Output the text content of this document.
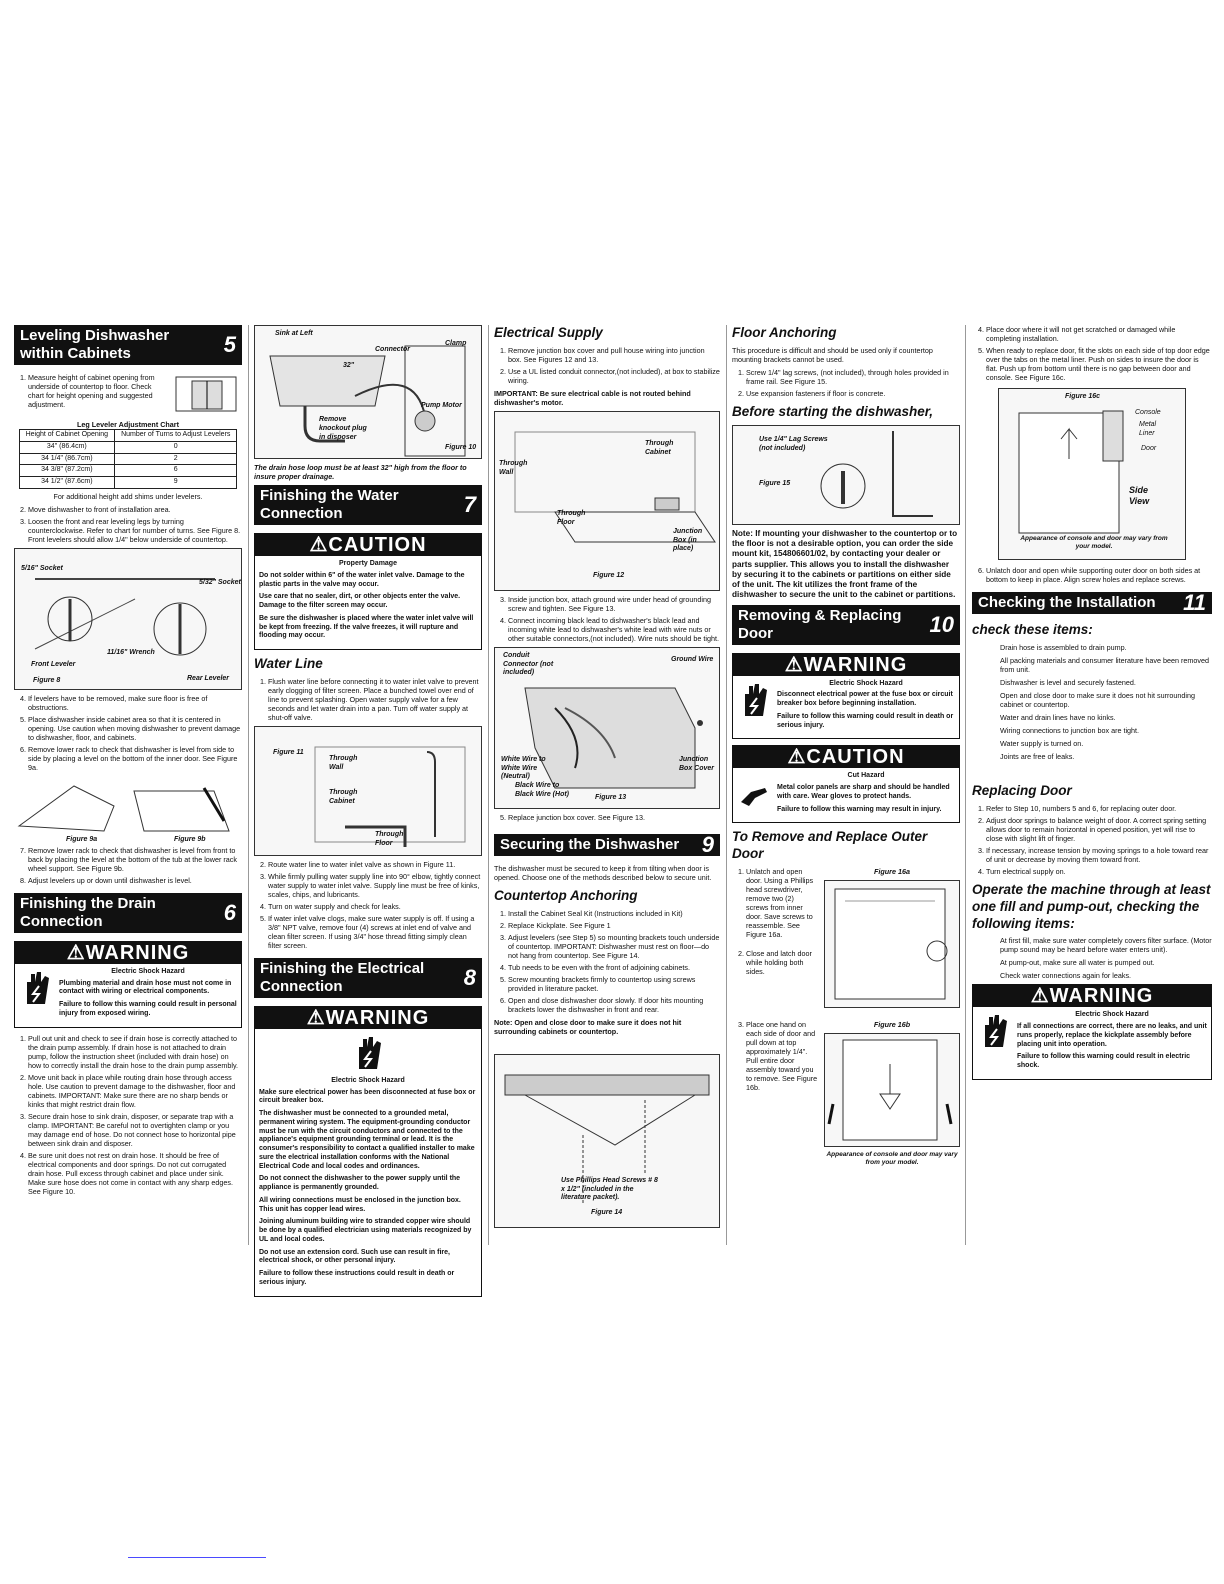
Leveling Dishwasher within Cabinets	5
1. Measure height of cabinet opening from underside of countertop to floor. Check chart for height opening and suggested adjustment.
Leg Leveler Adjustment Chart
Height of Cabinet Opening	Number of Turns to Adjust Levelers
34" (86.4cm)	0
34 1/4" (86.7cm)	2
34 3/8" (87.2cm)	6
34 1/2" (87.6cm)	9

For additional height add shims under levelers.

2. Move dishwasher to front of installation area.
3. Loosen the front and rear leveling legs by turning counterclockwise. Refer to chart for number of turns. See Figure 8. Front levelers should allow 1/4" below underside of countertop.
5/16" Socket
5/32" Socket
11/16" Wrench
Front Leveler
Rear Leveler
Figure 8
4. If levelers have to be removed, make sure floor is free of obstructions.
5. Place dishwasher inside cabinet area so that it is centered in opening. Use caution when moving dishwasher to prevent damage to dishwasher, floor, and cabinets.
6. Remove lower rack to check that dishwasher is level from side to side by placing a level on the bottom of the inner door. See Figure 9a.
Figure 9a	Figure 9b
7. Remove lower rack to check that dishwasher is level from front to back by placing the level at the bottom of the tub at the lower rack wheel support. See Figure 9b.
8. Adjust levelers up or down until dishwasher is level.
Finishing the Drain Connection	6
⚠WARNING
Electric Shock Hazard

Plumbing material and drain hose must not come in contact with wiring or electrical components.

Failure to follow this warning could result in personal injury from exposed wiring.

1. Pull out unit and check to see if drain hose is correctly attached to the drain pump assembly. If drain hose is not attached to drain pump, follow the instruction sheet (included with drain hose) on how to correctly install the drain hose to the drain pump assembly.
2. Move unit back in place while routing drain hose through access hole. Use caution to prevent damage to the dishwasher, floor and cabinets. IMPORTANT: Make sure there are no sharp bends or kinks that might restrict drain flow.
3. Secure drain hose to sink drain, disposer, or separate trap with a clamp. IMPORTANT: Be careful not to overtighten clamp or you may damage end of hose. Do not connect hose to horizontal pipe between sink drain and disposer.
4. Be sure unit does not rest on drain hose. It should be free of electrical components and door springs. Do not cut corrugated drain hose. Pull excess through cabinet and place under sink. Make sure hose does not come in contact with any sharp edges. See Figure 10.
Sink at Left
Connector
Clamp
32"
Pump Motor
Remove knockout plug in disposer
Figure 10

The drain hose loop must be at least 32" high from the floor to insure proper drainage.

Finishing the Water Connection	7
⚠CAUTION
Property Damage

Do not solder within 6" of the water inlet valve. Damage to the plastic parts in the valve may occur.

Use care that no sealer, dirt, or other objects enter the valve. Damage to the filter screen may occur.

Be sure the dishwasher is placed where the water inlet valve will be kept from freezing. If the valve freezes, it will rupture and flooding may occur.

Water Line
1. Flush water line before connecting it to water inlet valve to prevent early clogging of filter screen. Place a bunched towel over end of line to prevent splashing. Open water supply valve for a few seconds and let water drain into a pan. Turn off water supply at shut-off valve.
Figure 11
Through Wall
Through Cabinet
Through Floor
2. Route water line to water inlet valve as shown in Figure 11.
3. While firmly pulling water supply line into 90° elbow, tightly connect water supply to water inlet valve. Supply line must be free of kinks, scales, chips, and lubricants.
4. Turn on water supply and check for leaks.
5. If water inlet valve clogs, make sure water supply is off. If using a 3/8" NPT valve, remove four (4) screws at inlet end of valve and clean filter screen. If using 3/4" hose thread fitting simply clean filter screen.
Finishing the Electrical Connection	8
⚠WARNING
Electric Shock Hazard

Make sure electrical power has been disconnected at fuse box or circuit breaker box.

The dishwasher must be connected to a grounded metal, permanent wiring system. The equipment-grounding conductor must be run with the circuit conductors and connected to the appliance's equipment grounding terminal or lead. It is the consumer's responsibility to contact a qualified installer to make sure the electrical installation conforms with the National Electrical Code and local codes and ordinances.

Do not connect the dishwasher to the power supply until the appliance is permanently grounded.

All wiring connections must be enclosed in the junction box. This unit has copper lead wires.

Joining aluminum building wire to stranded copper wire should be done by a qualified electrician using materials recognized by UL and local codes.

Do not use an extension cord. Such use can result in fire, electrical shock, or other personal injury.

Failure to follow these instructions could result in death or serious injury.

Electrical Supply
1. Remove junction box cover and pull house wiring into junction box. See Figures 12 and 13.
2. Use a UL listed conduit connector,(not included), at box to stabilize wiring.

IMPORTANT: Be sure electrical cable is not routed behind dishwasher's motor.

Through Cabinet
Through Wall
Through Floor
Junction Box (in place)
Figure 12
3. Inside junction box, attach ground wire under head of grounding screw and tighten. See Figure 13.
4. Connect incoming black lead to dishwasher's black lead and incoming white lead to dishwasher's white lead with wire nuts or other suitable connectors,(not included). Wire nuts should be tight.
Conduit Connector (not included)
Ground Wire
White Wire to White Wire (Neutral)
Black Wire to Black Wire (Hot)
Junction Box Cover
Figure 13
5. Replace junction box cover. See Figure 13.
Securing the Dishwasher 9

The dishwasher must be secured to keep it from tilting when door is opened. Choose one of the methods described below to secure unit.

Countertop Anchoring
1. Install the Cabinet Seal Kit (Instructions included in Kit)
2. Replace Kickplate. See Figure 1
3. Adjust levelers (see Step 5) so mounting brackets touch underside of countertop. IMPORTANT: Dishwasher must rest on floor—do not hang from countertop. See Figure 14.
4. Tub needs to be even with the front of adjoining cabinets.
5. Screw mounting brackets firmly to countertop using screws provided in literature packet.
6. Open and close dishwasher door slowly. If door hits mounting brackets lower the dishwasher in front and rear.

Note: Open and close door to make sure it does not hit surrounding cabinets or countertop.

Use Phillips Head Screws # 8 x 1/2" (included in the literature packet).
Figure 14
Floor Anchoring

This procedure is difficult and should be used only if countertop mounting brackets cannot be used.

1. Screw 1/4" lag screws, (not included), through holes provided in frame rail. See Figure 15.
2. Use expansion fasteners if floor is concrete.
Before starting the dishwasher,
Use 1/4" Lag Screws (not included)
Figure 15

Note: If mounting your dishwasher to the countertop or to the floor is not a desirable option, you can order the side mount kit, 154806601/02, by contacting your dealer or parts supplier. This allows you to install the dishwasher by securing it to the cabinets or partitions on either side of the unit. The kit utilizes the front frame of the dishwasher to secure the unit to the cabinet or partitions.

Removing & Replacing Door	10
⚠WARNING
Electric Shock Hazard

Disconnect electrical power at the fuse box or circuit breaker box before beginning installation.

Failure to follow this warning could result in death or serious injury.

⚠CAUTION
Cut Hazard

Metal color panels are sharp and should be handled with care. Wear gloves to protect hands.

Failure to follow this warning may result in injury.

To Remove and Replace Outer Door
1. Unlatch and open door. Using a Phillips head screwdriver, remove two (2) screws from inner door. Save screws to reassemble. See Figure 16a.
2. Close and latch door while holding both sides.
Figure 16a
3. Place one hand on each side of door and pull down at top approximately 1/4". Pull entire door assembly toward you to remove. See Figure 16b.
Figure 16b
Appearance of console and door may vary from your model.
4. Place door where it will not get scratched or damaged while completing installation.
5. When ready to replace door, fit the slots on each side of top door edge over the tabs on the metal liner. Push on sides to insure the door is flat. Push up from bottom until there is no gap between door and console. See Figure 16c.
Figure 16c
Console
Metal Liner
Door
Side View
Appearance of console and door may vary from your model.
6. Unlatch door and open while supporting outer door on both sides at bottom to keep in place. Align screw holes and replace screws.
Checking the Installation 11
check these items:

Drain hose is assembled to drain pump.

All packing materials and consumer literature have been removed from unit.

Dishwasher is level and securely fastened.

Open and close door to make sure it does not hit surrounding cabinet or countertop.

Water and drain lines have no kinks.

Wiring connections to junction box are tight.

Water supply is turned on.

Joints are free of leaks.

Replacing Door
1. Refer to Step 10, numbers 5 and 6, for replacing outer door.
2. Adjust door springs to balance weight of door. A correct spring setting allows door to remain horizontal in opened position, yet will rise to close with slight lift of finger.
3. If necessary, increase tension by moving springs to a hole toward rear of unit or decrease by moving them toward front.
4. Turn electrical supply on.
Operate the machine through at least one fill and pump-out, checking the following items:

At first fill, make sure water completely covers filter surface. (Motor pump sound may be heard before water enters unit).

At pump-out, make sure all water is pumped out.

Check water connections again for leaks.

⚠WARNING
Electric Shock Hazard

If all connections are correct, there are no leaks, and unit runs properly, replace the kickplate assembly before placing unit into operation.

Failure to follow this warning could result in electric shock.
